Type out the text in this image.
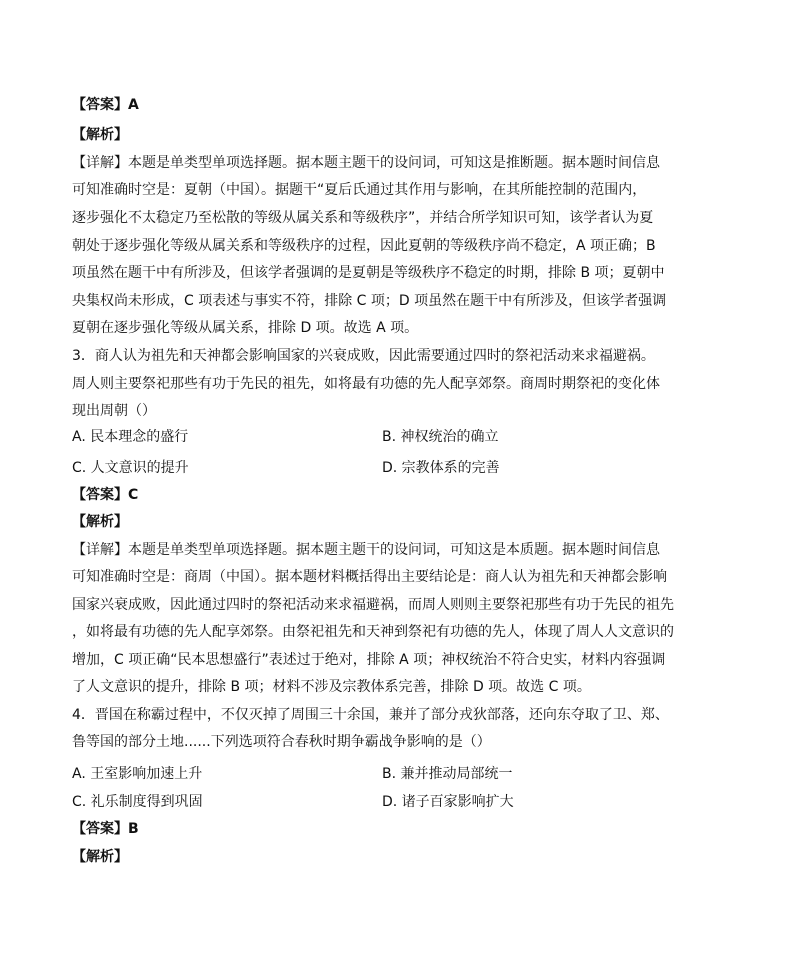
【答案】A
【解析】
【详解】本题是单类型单项选择题。据本题主题干的设问词，可知这是推断题。据本题时间信息
可知准确时空是：夏朝（中国）。据题干“夏后氏通过其作用与影响，在其所能控制的范围内，
逐步强化不太稳定乃至松散的等级从属关系和等级秩序”，并结合所学知识可知，该学者认为夏
朝处于逐步强化等级从属关系和等级秩序的过程，因此夏朝的等级秩序尚不稳定，A 项正确；B
项虽然在题干中有所涉及，但该学者强调的是夏朝是等级秩序不稳定的时期，排除 B 项；夏朝中
央集权尚未形成，C 项表述与事实不符，排除 C 项；D 项虽然在题干中有所涉及，但该学者强调
夏朝在逐步强化等级从属关系，排除 D 项。故选 A 项。
3．商人认为祖先和天神都会影响国家的兴衰成败，因此需要通过四时的祭祀活动来求福避祸。
周人则主要祭祀那些有功于先民的祖先，如将最有功德的先人配享郊祭。商周时期祭祀的变化体
现出周朝（）
A. 民本理念的盛行	B. 神权统治的确立
C. 人文意识的提升	D. 宗教体系的完善
【答案】C
【解析】
【详解】本题是单类型单项选择题。据本题主题干的设问词，可知这是本质题。据本题时间信息
可知准确时空是：商周（中国）。据本题材料概括得出主要结论是：商人认为祖先和天神都会影响
国家兴衰成败，因此通过四时的祭祀活动来求福避祸，而周人则则主要祭祀那些有功于先民的祖先
，如将最有功德的先人配享郊祭。由祭祀祖先和天神到祭祀有功德的先人，体现了周人人文意识的
增加，C 项正确“民本思想盛行”表述过于绝对，排除 A 项；神权统治不符合史实，材料内容强调
了人文意识的提升，排除 B 项；材料不涉及宗教体系完善，排除 D 项。故选 C 项。
4．晋国在称霸过程中，不仅灭掉了周围三十余国，兼并了部分戎狄部落，还向东夺取了卫、郑、
鲁等国的部分土地......下列选项符合春秋时期争霸战争影响的是（）
A. 王室影响加速上升	B. 兼并推动局部统一
C. 礼乐制度得到巩固	D. 诸子百家影响扩大
【答案】B
【解析】
